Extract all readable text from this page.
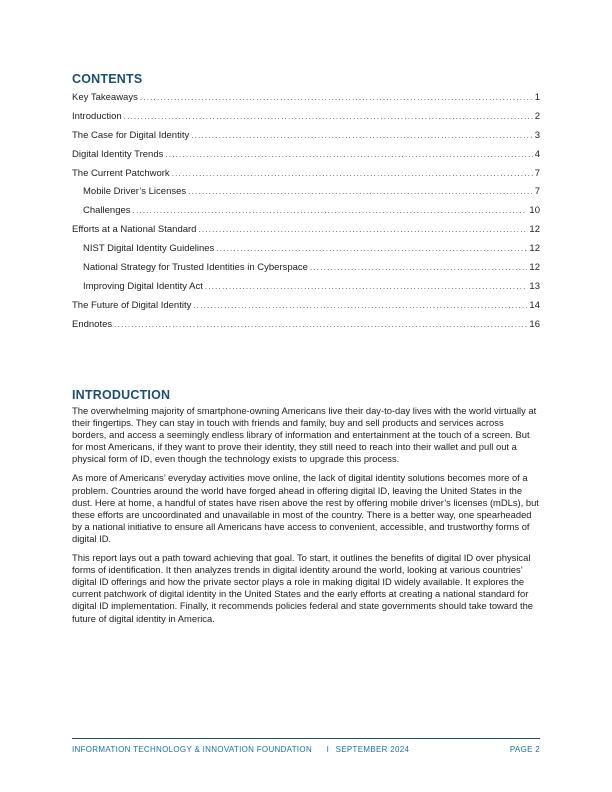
CONTENTS
Key Takeaways .....	1
Introduction .....	2
The Case for Digital Identity .....	3
Digital Identity Trends .....	4
The Current Patchwork .....	7
Mobile Driver’s Licenses .....	7
Challenges .....	10
Efforts at a National Standard .....	12
NIST Digital Identity Guidelines .....	12
National Strategy for Trusted Identities in Cyberspace .....	12
Improving Digital Identity Act .....	13
The Future of Digital Identity .....	14
Endnotes .....	16
INTRODUCTION

The overwhelming majority of smartphone-owning Americans live their day-to-day lives with the world virtually at their fingertips. They can stay in touch with friends and family, buy and sell products and services across borders, and access a seemingly endless library of information and entertainment at the touch of a screen. But for most Americans, if they want to prove their identity, they still need to reach into their wallet and pull out a physical form of ID, even though the technology exists to upgrade this process.

As more of Americans’ everyday activities move online, the lack of digital identity solutions becomes more of a problem. Countries around the world have forged ahead in offering digital ID, leaving the United States in the dust. Here at home, a handful of states have risen above the rest by offering mobile driver’s licenses (mDLs), but these efforts are uncoordinated and unavailable in most of the country. There is a better way, one spearheaded by a national initiative to ensure all Americans have access to convenient, accessible, and trustworthy forms of digital ID.

This report lays out a path toward achieving that goal. To start, it outlines the benefits of digital ID over physical forms of identification. It then analyzes trends in digital identity around the world, looking at various countries’ digital ID offerings and how the private sector plays a role in making digital ID widely available. It explores the current patchwork of digital identity in the United States and the early efforts at creating a national standard for digital ID implementation. Finally, it recommends policies federal and state governments should take toward the future of digital identity in America.

INFORMATION TECHNOLOGY & INNOVATION FOUNDATION I SEPTEMBER 2024	PAGE 2
